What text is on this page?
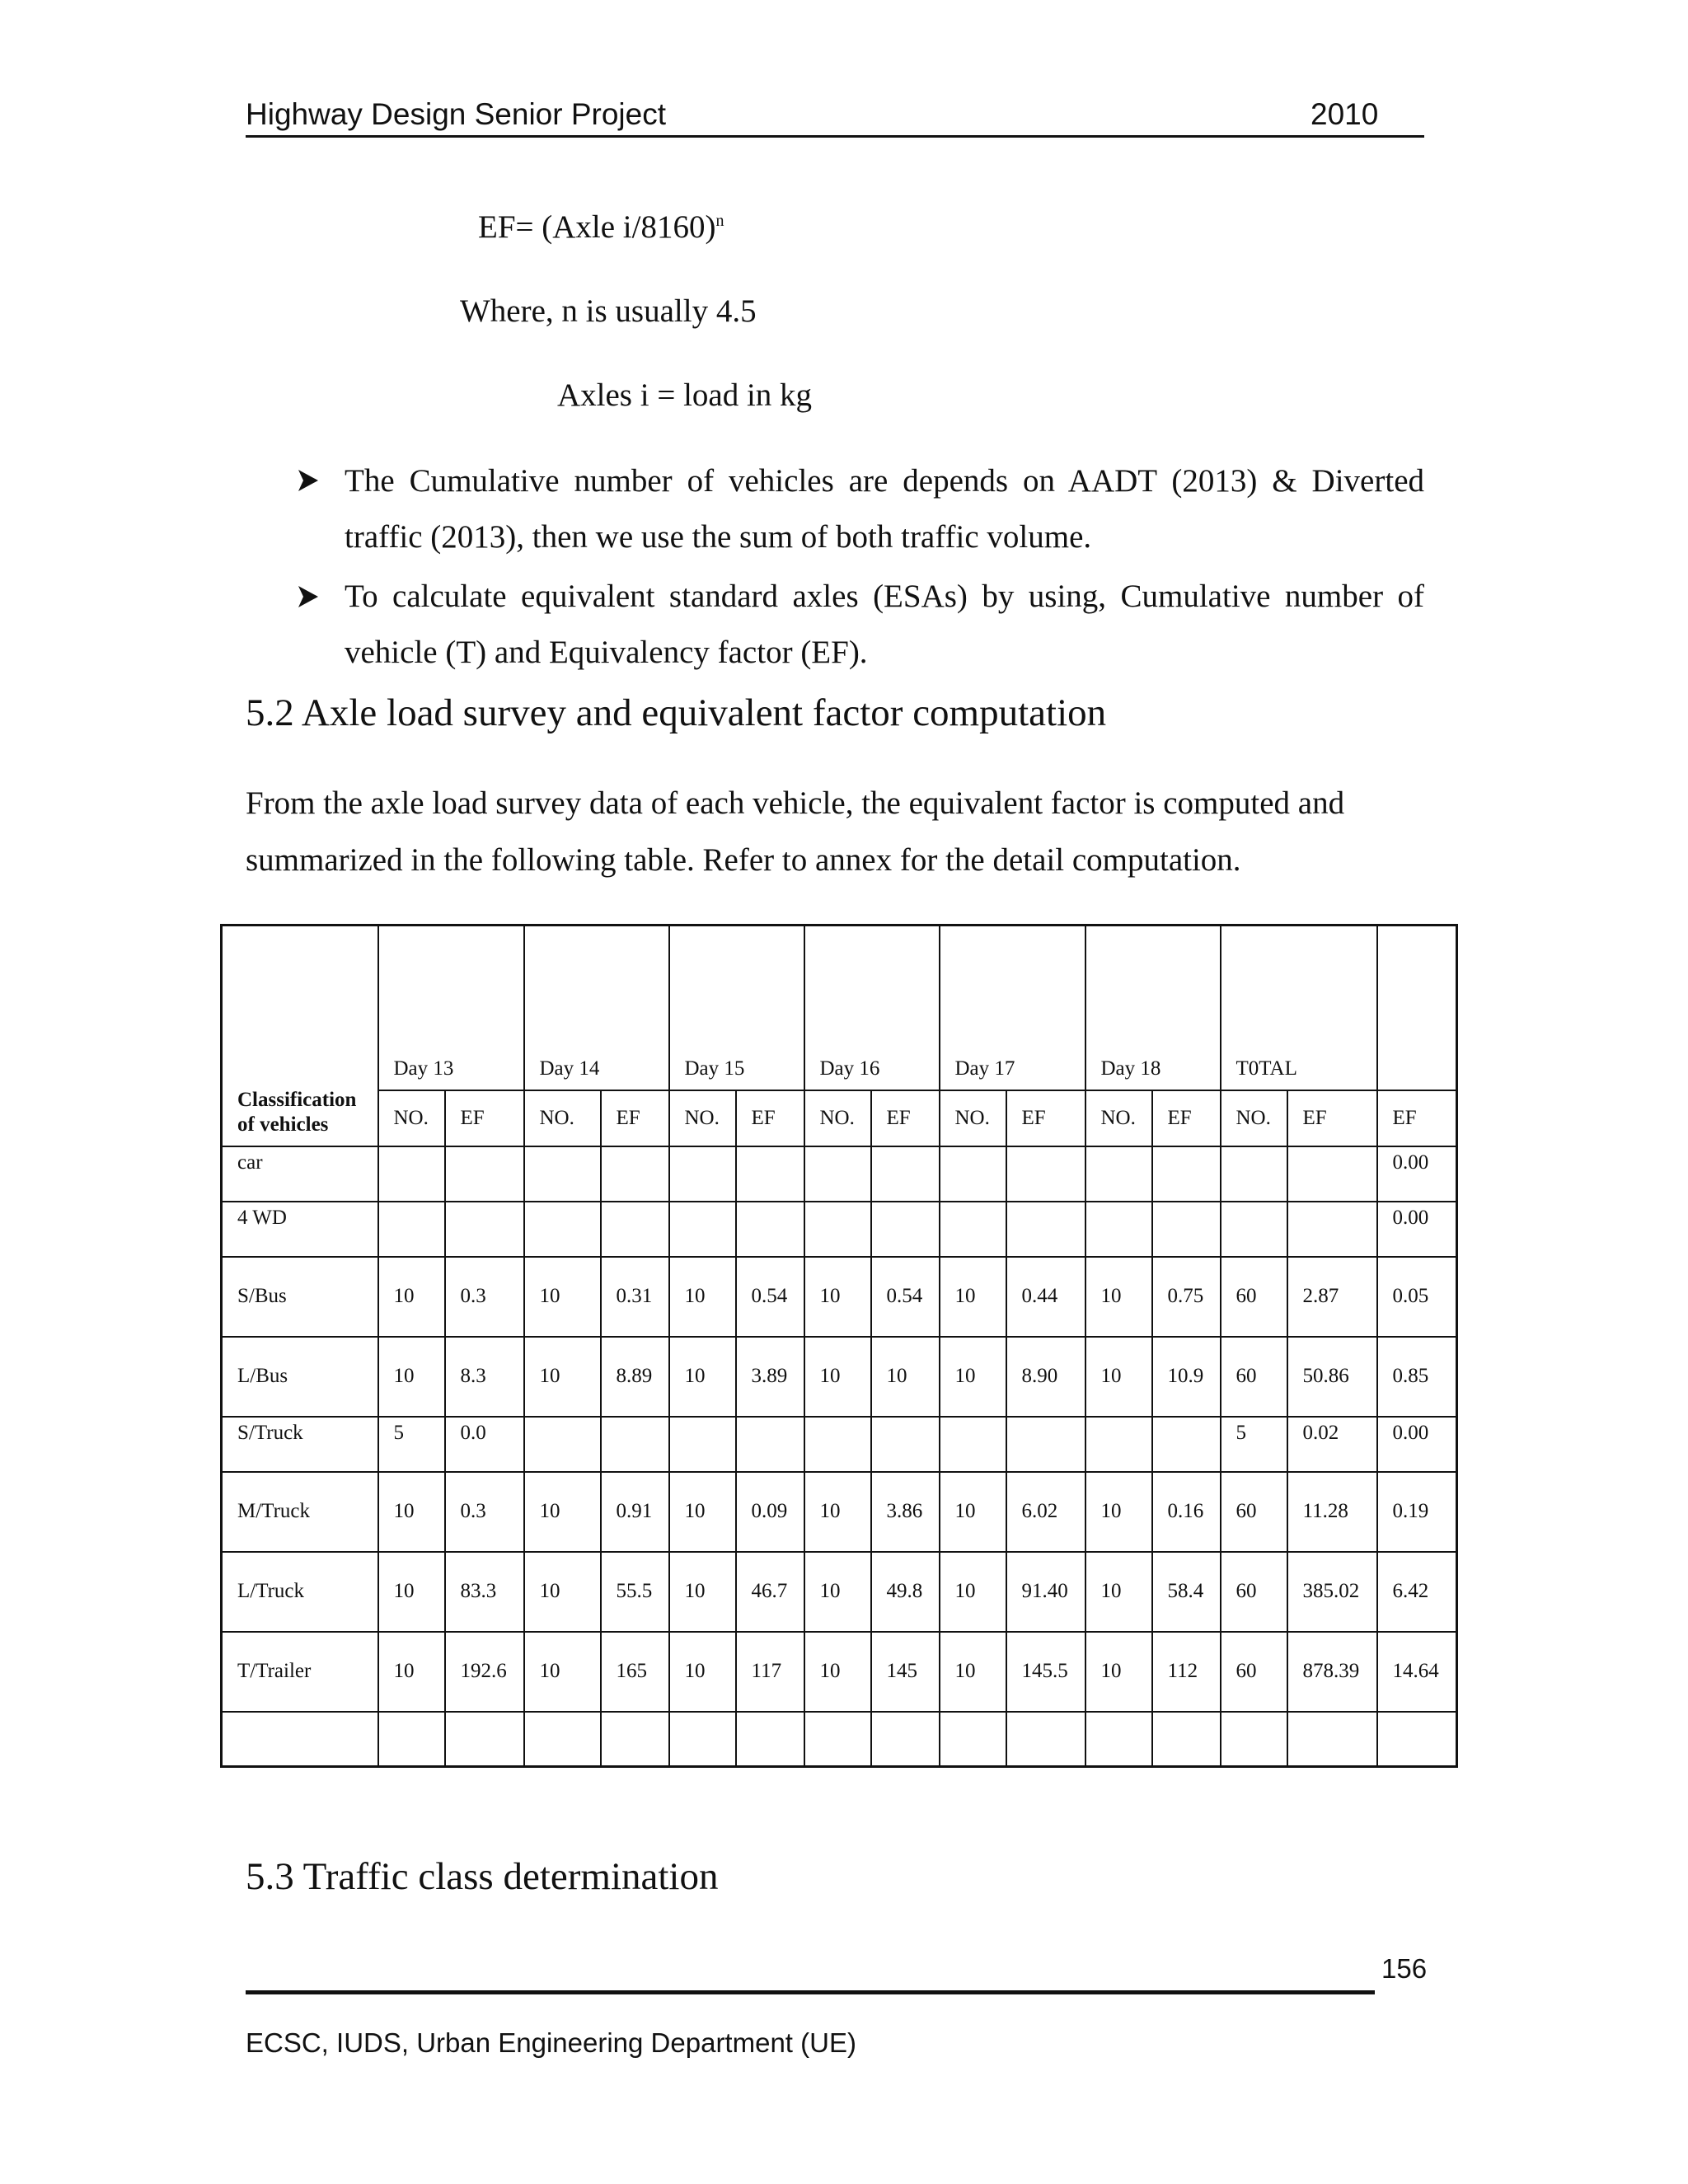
Highway Design Senior Project	2010
EF= (Axle i/8160)$^n$
Where, n is usually 4.5
Axles i = load in kg
The Cumulative number of vehicles are depends on AADT (2013) & Diverted traffic (2013), then we use the sum of both traffic volume.
To calculate equivalent standard axles (ESAs) by using, Cumulative number of vehicle (T) and Equivalency factor (EF).
5.2 Axle load survey and equivalent factor computation
From the axle load survey data of each vehicle, the equivalent factor is computed and summarized in the following table. Refer to annex for the detail computation.
Classification of vehicles	Day 13		Day 14		Day 15		Day 16		Day 17		Day 18		T0TAL		
	NO.	EF	NO.	EF	NO.	EF	NO.	EF	NO.	EF	NO.	EF	NO.	EF	EF
car															0.00
4 WD															0.00
S/Bus	10	0.3	10	0.31	10	0.54	10	0.54	10	0.44	10	0.75	60	2.87	0.05
L/Bus	10	8.3	10	8.89	10	3.89	10	10	10	8.90	10	10.9	60	50.86	0.85
S/Truck	5	0.0											5	0.02	0.00
M/Truck	10	0.3	10	0.91	10	0.09	10	3.86	10	6.02	10	0.16	60	11.28	0.19
L/Truck	10	83.3	10	55.5	10	46.7	10	49.8	10	91.40	10	58.4	60	385.02	6.42
T/Trailer	10	192.6	10	165	10	117	10	145	10	145.5	10	112	60	878.39	14.64

5.3 Traffic class determination
156
ECSC, IUDS, Urban Engineering Department (UE)
